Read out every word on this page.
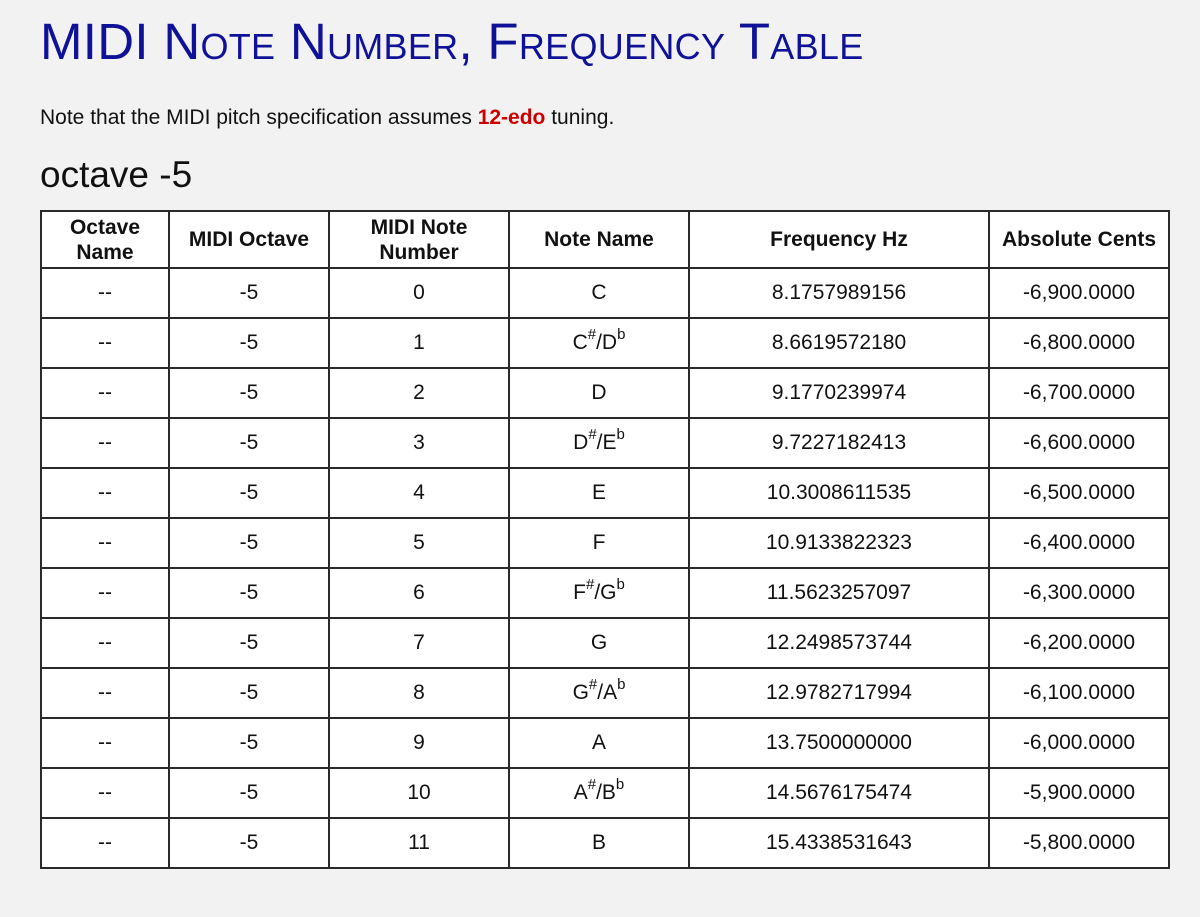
MIDI Note Number, Frequency Table

Note that the MIDI pitch specification assumes 12-edo tuning.

octave -5
Octave Name	MIDI Octave	MIDI Note Number	Note Name	Frequency Hz	Absolute Cents
--	-5	0	C	8.1757989156	-6,900.0000
--	-5	1	$C^{\#}/D^b$	8.6619572180	-6,800.0000
--	-5	2	D	9.1770239974	-6,700.0000
--	-5	3	$D^{\#}/E^b$	9.7227182413	-6,600.0000
--	-5	4	E	10.3008611535	-6,500.0000
--	-5	5	F	10.9133822323	-6,400.0000
--	-5	6	$F^{\#}/G^b$	11.5623257097	-6,300.0000
--	-5	7	G	12.2498573744	-6,200.0000
--	-5	8	$G^{\#}/A^b$	12.9782717994	-6,100.0000
--	-5	9	A	13.7500000000	-6,000.0000
--	-5	10	$A^{\#}/B^b$	14.5676175474	-5,900.0000
--	-5	11	B	15.4338531643	-5,800.0000
